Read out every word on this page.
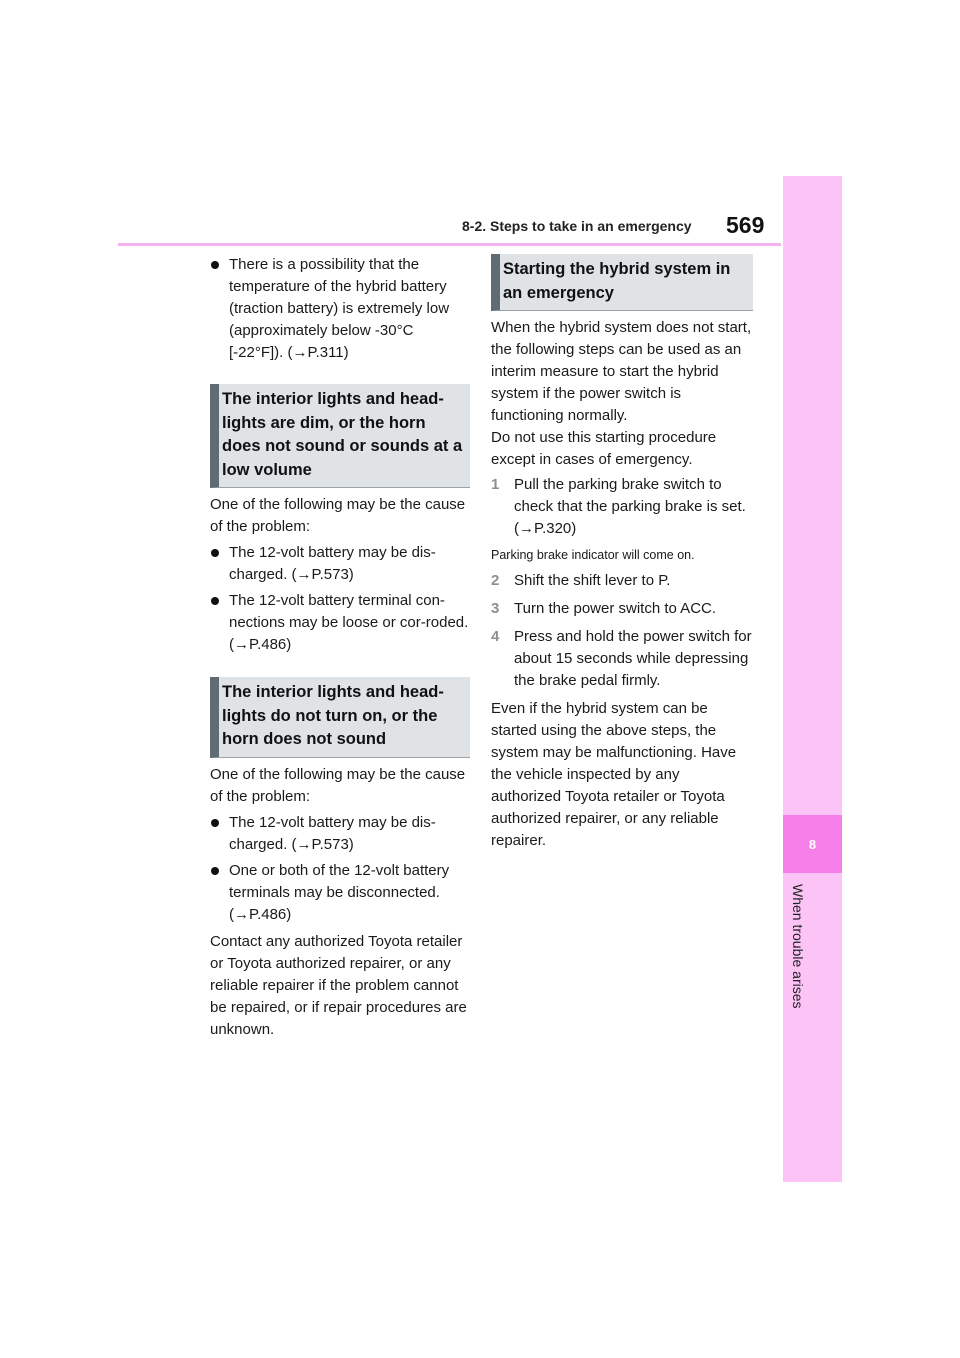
8-2. Steps to take in an emergency	569
8
When trouble arises

There is a possibility that the temperature of the hybrid battery (traction battery) is extremely low (approximately below -30°C [-22°F]). (→P.311)

The interior lights and head-lights are dim, or the horn does not sound or sounds at a low volume

One of the following may be the cause of the problem:

The 12-volt battery may be dis-charged. (→P.573)

The 12-volt battery terminal con-nections may be loose or cor-roded. (→P.486)

The interior lights and head-lights do not turn on, or the horn does not sound

One of the following may be the cause of the problem:

The 12-volt battery may be dis-charged. (→P.573)

One or both of the 12-volt battery terminals may be disconnected. (→P.486)

Contact any authorized Toyota retailer or Toyota authorized repairer, or any reliable repairer if the problem cannot be repaired, or if repair procedures are unknown.

Starting the hybrid system in an emergency

When the hybrid system does not start, the following steps can be used as an interim measure to start the hybrid system if the power switch is functioning normally.

Do not use this starting procedure except in cases of emergency.

1 Pull the parking brake switch to check that the parking brake is set. (→P.320)

Parking brake indicator will come on.

2 Shift the shift lever to P.
3 Turn the power switch to ACC.
4 Press and hold the power switch for about 15 seconds while depressing the brake pedal firmly.

Even if the hybrid system can be started using the above steps, the system may be malfunctioning. Have the vehicle inspected by any authorized Toyota retailer or Toyota authorized repairer, or any reliable repairer.
